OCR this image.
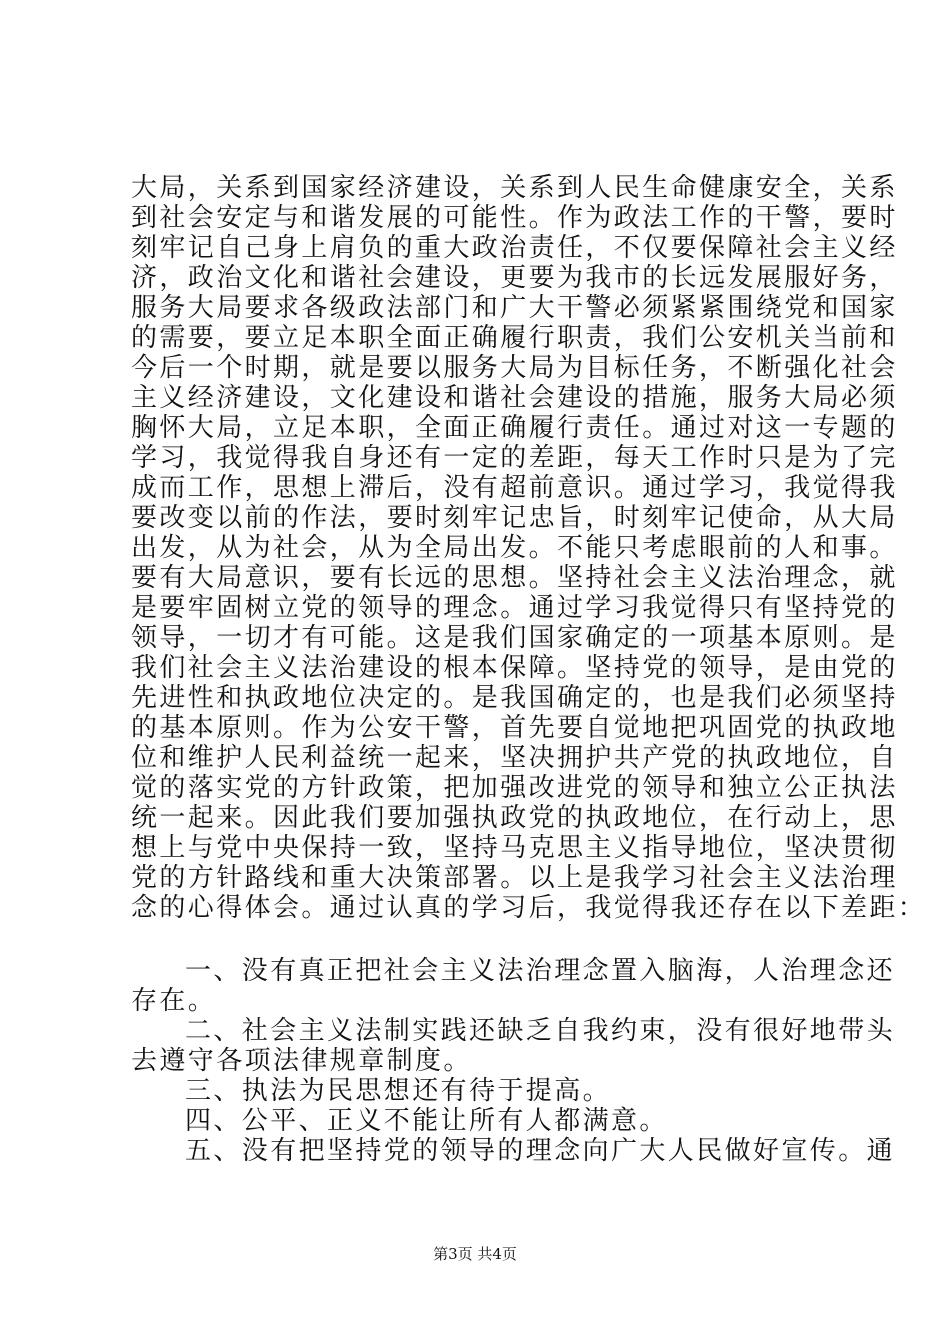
大局，关系到国家经济建设，关系到人民生命健康安全，关系
到社会安定与和谐发展的可能性。作为政法工作的干警，要时
刻牢记自己身上肩负的重大政治责任，不仅要保障社会主义经
济，政治文化和谐社会建设，更要为我市的长远发展服好务，
服务大局要求各级政法部门和广大干警必须紧紧围绕党和国家
的需要，要立足本职全面正确履行职责，我们公安机关当前和
今后一个时期，就是要以服务大局为目标任务，不断强化社会
主义经济建设，文化建设和谐社会建设的措施，服务大局必须
胸怀大局，立足本职，全面正确履行责任。通过对这一专题的
学习，我觉得我自身还有一定的差距，每天工作时只是为了完
成而工作，思想上滞后，没有超前意识。通过学习，我觉得我
要改变以前的作法，要时刻牢记忠旨，时刻牢记使命，从大局
出发，从为社会，从为全局出发。不能只考虑眼前的人和事。
要有大局意识，要有长远的思想。坚持社会主义法治理念，就
是要牢固树立党的领导的理念。通过学习我觉得只有坚持党的
领导，一切才有可能。这是我们国家确定的一项基本原则。是
我们社会主义法治建设的根本保障。坚持党的领导，是由党的
先进性和执政地位决定的。是我国确定的，也是我们必须坚持
的基本原则。作为公安干警，首先要自觉地把巩固党的执政地
位和维护人民利益统一起来，坚决拥护共产党的执政地位，自
觉的落实党的方针政策，把加强改进党的领导和独立公正执法
统一起来。因此我们要加强执政党的执政地位，在行动上，思
想上与党中央保持一致，坚持马克思主义指导地位，坚决贯彻
党的方针路线和重大决策部署。以上是我学习社会主义法治理
念的心得体会。通过认真的学习后，我觉得我还存在以下差距：
一、没有真正把社会主义法治理念置入脑海，人治理念还
存在。
二、社会主义法制实践还缺乏自我约束，没有很好地带头
去遵守各项法律规章制度。
三、执法为民思想还有待于提高。
四、公平、正义不能让所有人都满意。
五、没有把坚持党的领导的理念向广大人民做好宣传。通
第3页 共4页
